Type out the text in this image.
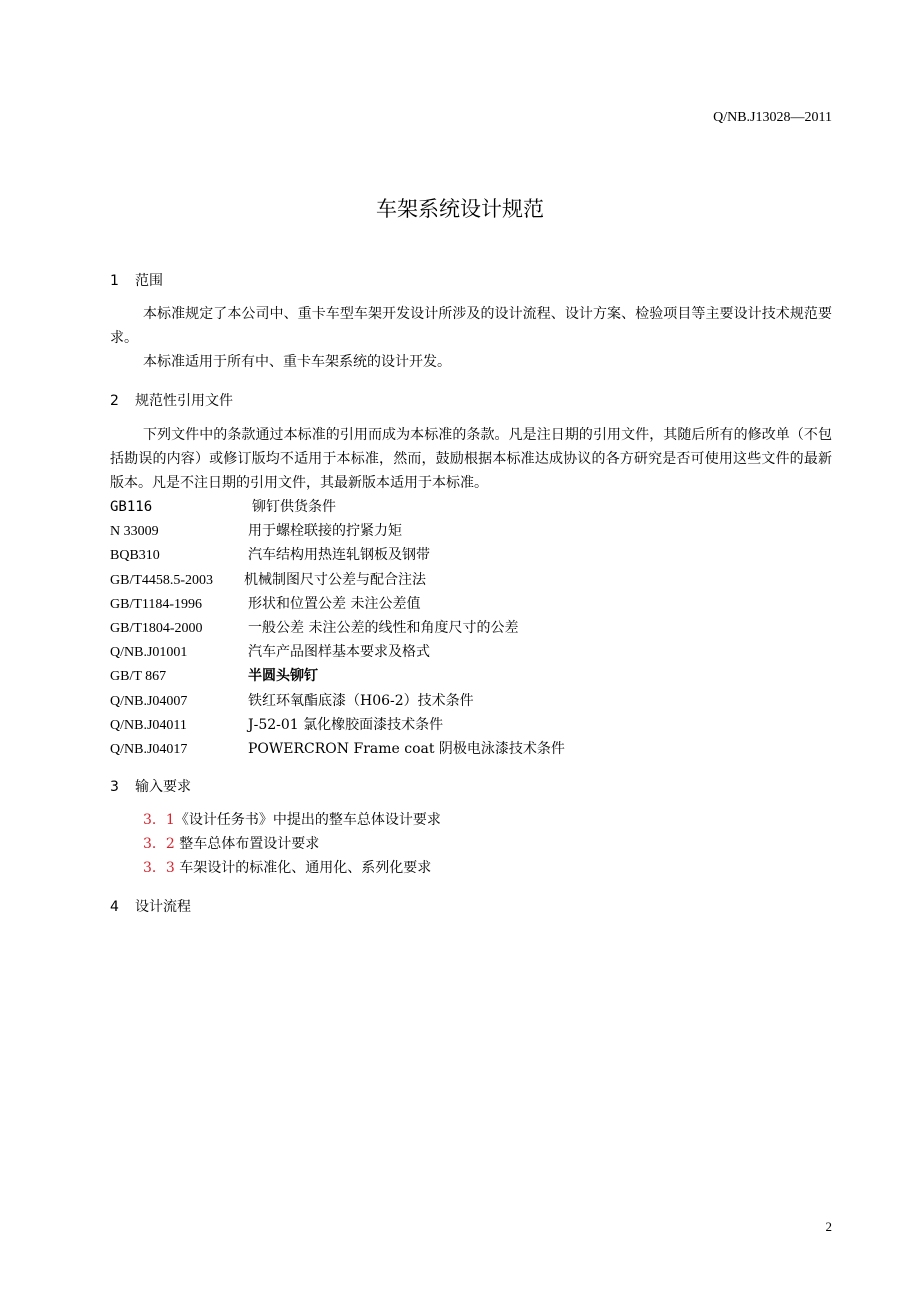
Q/NB.J13028—2011
车架系统设计规范
1 范围
本标准规定了本公司中、重卡车型车架开发设计所涉及的设计流程、设计方案、检验项目等主要设计技术规范要求。
本标准适用于所有中、重卡车架系统的设计开发。
2 规范性引用文件
下列文件中的条款通过本标准的引用而成为本标准的条款。凡是注日期的引用文件，其随后所有的修改单（不包括勘误的内容）或修订版均不适用于本标准，然而，鼓励根据本标准达成协议的各方研究是否可使用这些文件的最新版本。凡是不注日期的引用文件，其最新版本适用于本标准。
GB116	铆钉供货条件
N 33009	用于螺栓联接的拧紧力矩
BQB310	汽车结构用热连轧钢板及钢带
GB/T4458.5-2003 机械制图尺寸公差与配合注法
GB/T1184-1996	形状和位置公差 未注公差值
GB/T1804-2000	一般公差 未注公差的线性和角度尺寸的公差
Q/NB.J01001	汽车产品图样基本要求及格式
GB/T 867	半圆头铆钉
Q/NB.J04007	铁红环氧酯底漆（H06-2）技术条件
Q/NB.J04011	J-52-01 氯化橡胶面漆技术条件
Q/NB.J04017	POWERCRON Frame coat 阴极电泳漆技术条件
3 输入要求
3．1《设计任务书》中提出的整车总体设计要求
3．2 整车总体布置设计要求
3．3 车架设计的标准化、通用化、系列化要求
4 设计流程
2
